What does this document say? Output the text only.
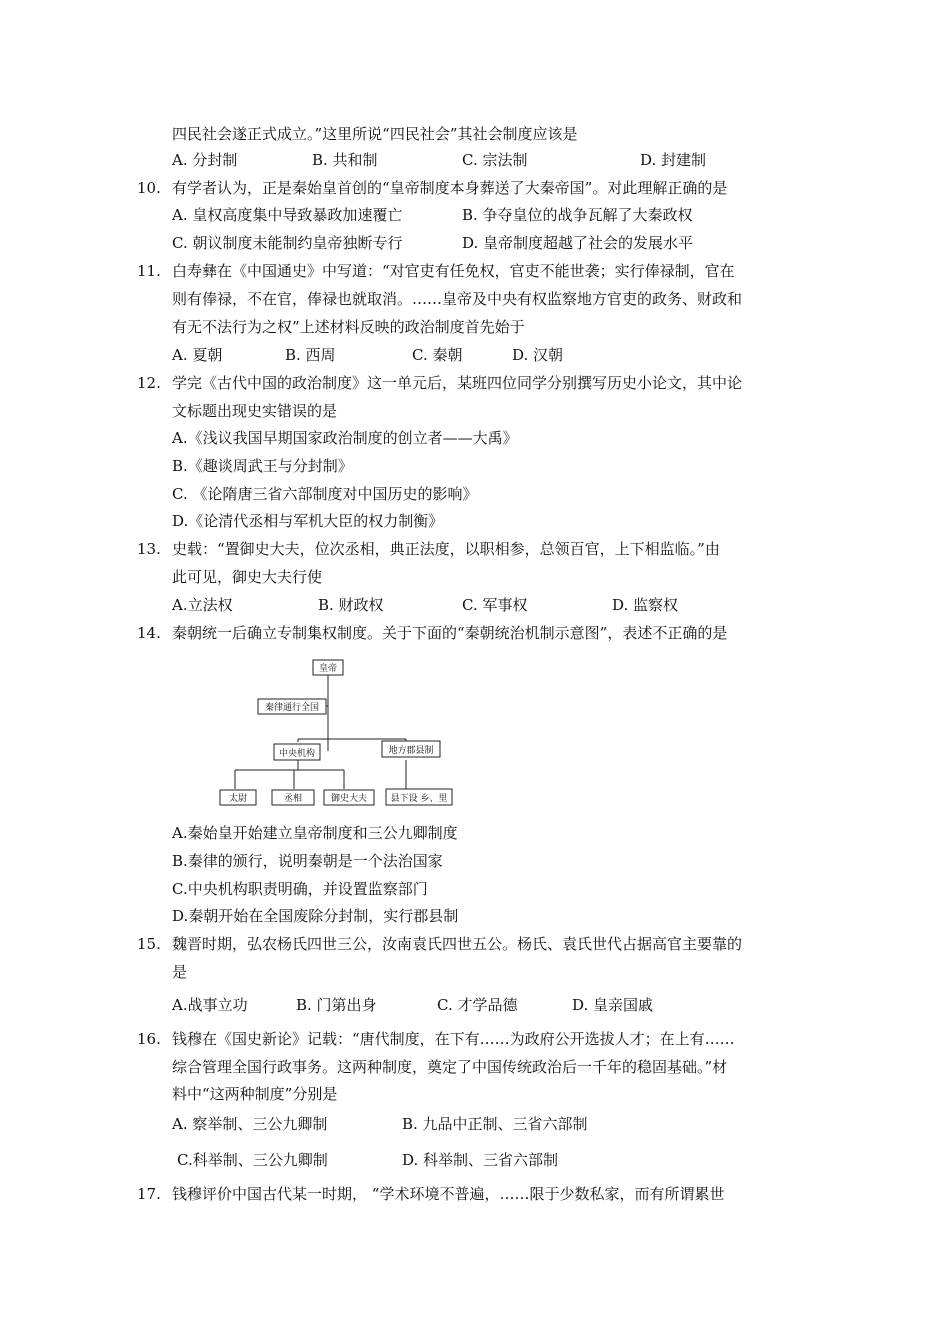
四民社会遂正式成立。”这里所说“四民社会”其社会制度应该是
A. 分封制	B. 共和制	C. 宗法制	D. 封建制
10. 有学者认为，正是秦始皇首创的“皇帝制度本身葬送了大秦帝国”。对此理解正确的是
A. 皇权高度集中导致暴政加速覆亡	B. 争夺皇位的战争瓦解了大秦政权
C. 朝议制度未能制约皇帝独断专行	D. 皇帝制度超越了社会的发展水平
11. 白寿彝在《中国通史》中写道：“对官吏有任免权，官吏不能世袭；实行俸禄制，官在
则有俸禄，不在官，俸禄也就取消。……皇帝及中央有权监察地方官吏的政务、财政和
有无不法行为之权”上述材料反映的政治制度首先始于
A. 夏朝	B. 西周	C. 秦朝	D. 汉朝
12. 学完《古代中国的政治制度》这一单元后，某班四位同学分别撰写历史小论文，其中论
文标题出现史实错误的是
A.《浅议我国早期国家政治制度的创立者——大禹》
B.《趣谈周武王与分封制》
C. 《论隋唐三省六部制度对中国历史的影响》
D.《论清代丞相与军机大臣的权力制衡》
13. 史载：“置御史大夫，位次丞相，典正法度，以职相参，总领百官，上下相监临。”由
此可见，御史大夫行使
A.立法权	B. 财政权	C. 军事权	D. 监察权
14. 秦朝统一后确立专制集权制度。关于下面的“秦朝统治机制示意图”，表述不正确的是
皇帝
秦律通行全国
中央机构	地方郡县制
太尉	丞相	御史大夫	县下设 乡、里
A.秦始皇开始建立皇帝制度和三公九卿制度
B.秦律的颁行，说明秦朝是一个法治国家
C.中央机构职责明确，并设置监察部门
D.秦朝开始在全国废除分封制，实行郡县制
15. 魏晋时期，弘农杨氏四世三公，汝南袁氏四世五公。杨氏、袁氏世代占据高官主要靠的
是
A.战事立功	B. 门第出身	C. 才学品德	D. 皇亲国戚
16. 钱穆在《国史新论》记载：“唐代制度，在下有……为政府公开选拔人才；在上有……
综合管理全国行政事务。这两种制度，奠定了中国传统政治后一千年的稳固基础。”材
料中“这两种制度”分别是
A. 察举制、三公九卿制	B. 九品中正制、三省六部制
C.科举制、三公九卿制	D. 科举制、三省六部制
17. 钱穆评价中国古代某一时期， “学术环境不普遍，……限于少数私家，而有所谓累世
